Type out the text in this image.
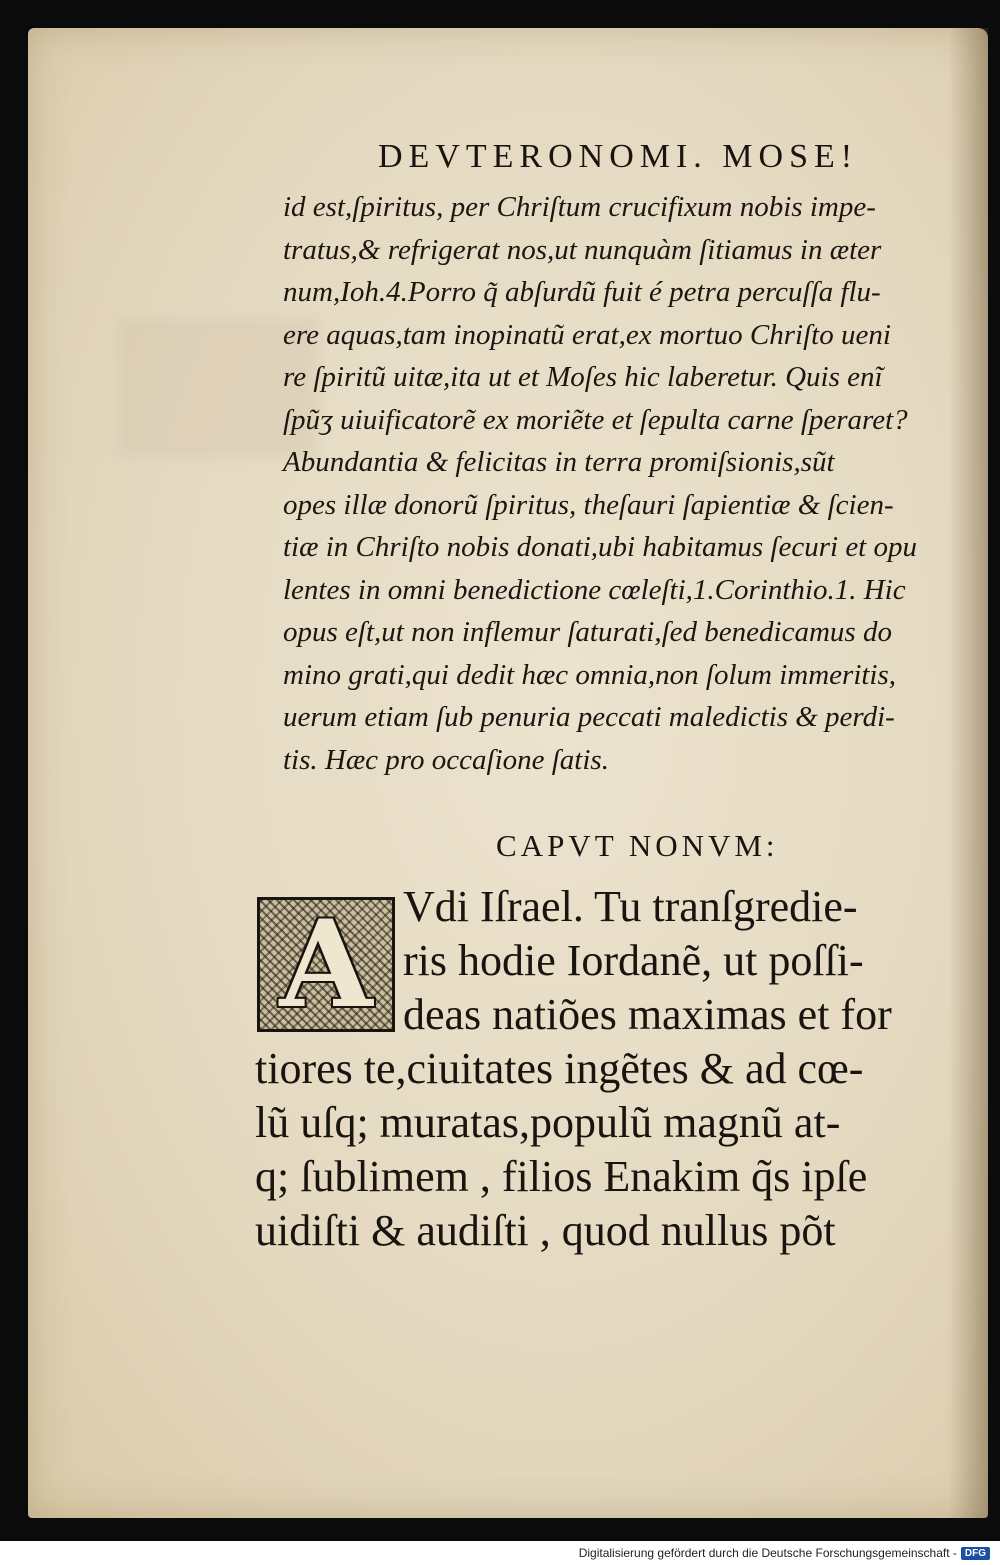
DEVTERONOMI. MOSE!
id est,ſpiritus, per Chriſtum crucifixum nobis impe-
tratus,& refrigerat nos,ut nunquàm ſitiamus in æter
num,Ioh.4.Porro q̃ abſurdũ fuit é petra percuſſa flu-
ere aquas,tam inopinatũ erat,ex mortuo Chriſto ueni
re ſpiritũ uitæ,ita ut et Moſes hic laberetur. Quis enĩ
ſpũʒ uiuificatorẽ ex moriẽte et ſepulta carne ſperaret?
Abundantia & felicitas in terra promiſsionis,sũt
opes illæ donorũ ſpiritus, theſauri ſapientiæ & ſcien-
tiæ in Chriſto nobis donati,ubi habitamus ſecuri et opu
lentes in omni benedictione cœleſti,1.Corinthio.1. Hic
opus eſt,ut non inflemur ſaturati,ſed benedicamus do
mino grati,qui dedit hæc omnia,non ſolum immeritis,
uerum etiam ſub penuria peccati maledictis & perdi-
tis. Hæc pro occaſione ſatis.
CAPVT NONVM:
A Vdi Iſrael. Tu tranſgredie-
ris hodie Iordanẽ, ut poſſi-
deas natiões maximas et for
tiores te,ciuitates ingẽtes & ad cœ-
lũ uſq; muratas,populũ magnũ at-
q; ſublimem , filios Enakim q̃s ipſe
uidiſti & audiſti , quod nullus põt
Digitalisierung gefördert durch die Deutsche Forschungsgemeinschaft - DFG
